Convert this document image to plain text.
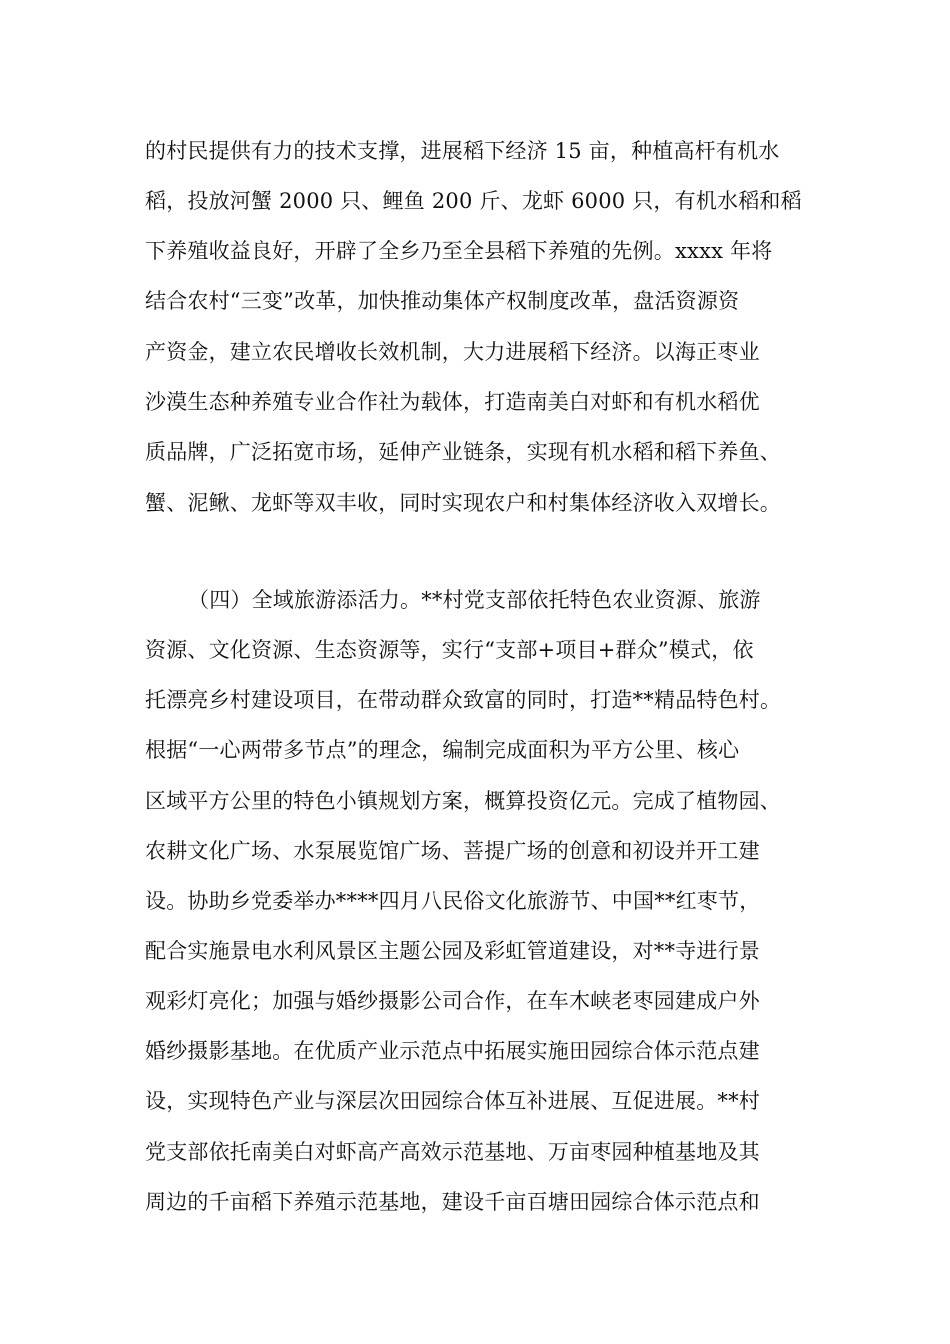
的村民提供有力的技术支撑，进展稻下经济 15 亩，种植高杆有机水
稻，投放河蟹 2000 只、鲤鱼 200 斤、龙虾 6000 只，有机水稻和稻
下养殖收益良好，开辟了全乡乃至全县稻下养殖的先例。xxxx 年将
结合农村“三变”改革，加快推动集体产权制度改革，盘活资源资
产资金，建立农民增收长效机制，大力进展稻下经济。以海正枣业
沙漠生态种养殖专业合作社为载体，打造南美白对虾和有机水稻优
质品牌，广泛拓宽市场，延伸产业链条，实现有机水稻和稻下养鱼、
蟹、泥鳅、龙虾等双丰收，同时实现农户和村集体经济收入双增长。
（四）全域旅游添活力。**村党支部依托特色农业资源、旅游
资源、文化资源、生态资源等，实行“支部+项目+群众”模式，依
托漂亮乡村建设项目，在带动群众致富的同时，打造**精品特色村。
根据“一心两带多节点”的理念，编制完成面积为平方公里、核心
区域平方公里的特色小镇规划方案，概算投资亿元。完成了植物园、
农耕文化广场、水泵展览馆广场、菩提广场的创意和初设并开工建
设。协助乡党委举办****四月八民俗文化旅游节、中国**红枣节，
配合实施景电水利风景区主题公园及彩虹管道建设，对**寺进行景
观彩灯亮化；加强与婚纱摄影公司合作，在车木峡老枣园建成户外
婚纱摄影基地。在优质产业示范点中拓展实施田园综合体示范点建
设，实现特色产业与深层次田园综合体互补进展、互促进展。**村
党支部依托南美白对虾高产高效示范基地、万亩枣园种植基地及其
周边的千亩稻下养殖示范基地，建设千亩百塘田园综合体示范点和
